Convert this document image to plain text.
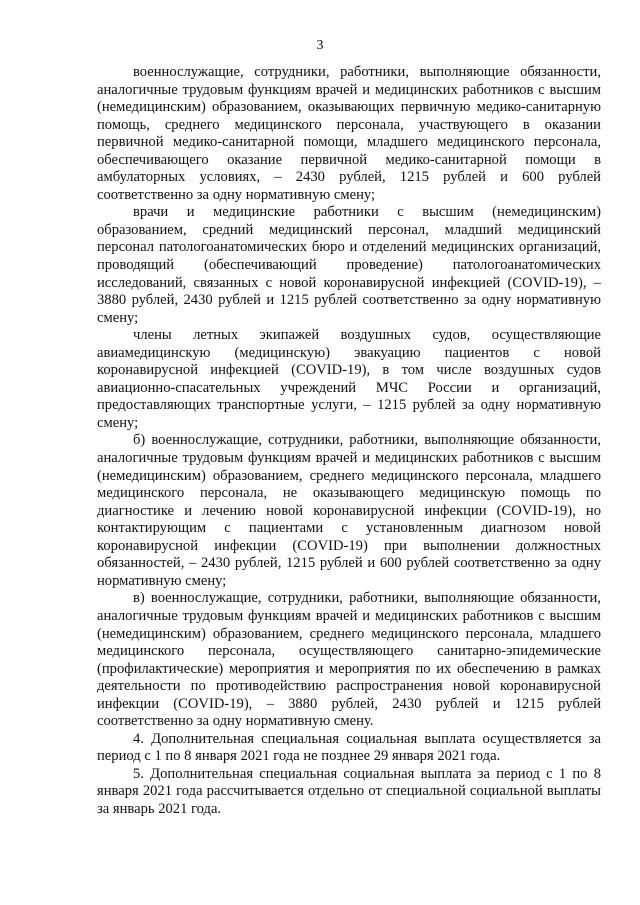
3

военнослужащие, сотрудники, работники, выполняющие обязанности, аналогичные трудовым функциям врачей и медицинских работников с высшим (немедицинским) образованием, оказывающих первичную медико-санитарную помощь, среднего медицинского персонала, участвующего в оказании первичной медико-санитарной помощи, младшего медицинского персонала, обеспечивающего оказание первичной медико-санитарной помощи в амбулаторных условиях, – 2430 рублей, 1215 рублей и 600 рублей соответственно за одну нормативную смену;

врачи и медицинские работники с высшим (немедицинским) образованием, средний медицинский персонал, младший медицинский персонал патологоанатомических бюро и отделений медицинских организаций, проводящий (обеспечивающий проведение) патологоанатомических исследований, связанных с новой коронавирусной инфекцией (COVID-19), – 3880 рублей, 2430 рублей и 1215 рублей соответственно за одну нормативную смену;

члены летных экипажей воздушных судов, осуществляющие авиамедицинскую (медицинскую) эвакуацию пациентов с новой коронавирусной инфекцией (COVID-19), в том числе воздушных судов авиационно-спасательных учреждений МЧС России и организаций, предоставляющих транспортные услуги, – 1215 рублей за одну нормативную смену;

б) военнослужащие, сотрудники, работники, выполняющие обязанности, аналогичные трудовым функциям врачей и медицинских работников с высшим (немедицинским) образованием, среднего медицинского персонала, младшего медицинского персонала, не оказывающего медицинскую помощь по диагностике и лечению новой коронавирусной инфекции (COVID-19), но контактирующим с пациентами с установленным диагнозом новой коронавирусной инфекции (COVID-19) при выполнении должностных обязанностей, – 2430 рублей, 1215 рублей и 600 рублей соответственно за одну нормативную смену;

в) военнослужащие, сотрудники, работники, выполняющие обязанности, аналогичные трудовым функциям врачей и медицинских работников с высшим (немедицинским) образованием, среднего медицинского персонала, младшего медицинского персонала, осуществляющего санитарно-эпидемические (профилактические) мероприятия и мероприятия по их обеспечению в рамках деятельности по противодействию распространения новой коронавирусной инфекции (COVID-19), – 3880 рублей, 2430 рублей и 1215 рублей соответственно за одну нормативную смену.

4. Дополнительная специальная социальная выплата осуществляется за период с 1 по 8 января 2021 года не позднее 29 января 2021 года.

5. Дополнительная специальная социальная выплата за период с 1 по 8 января 2021 года рассчитывается отдельно от специальной социальной выплаты за январь 2021 года.
